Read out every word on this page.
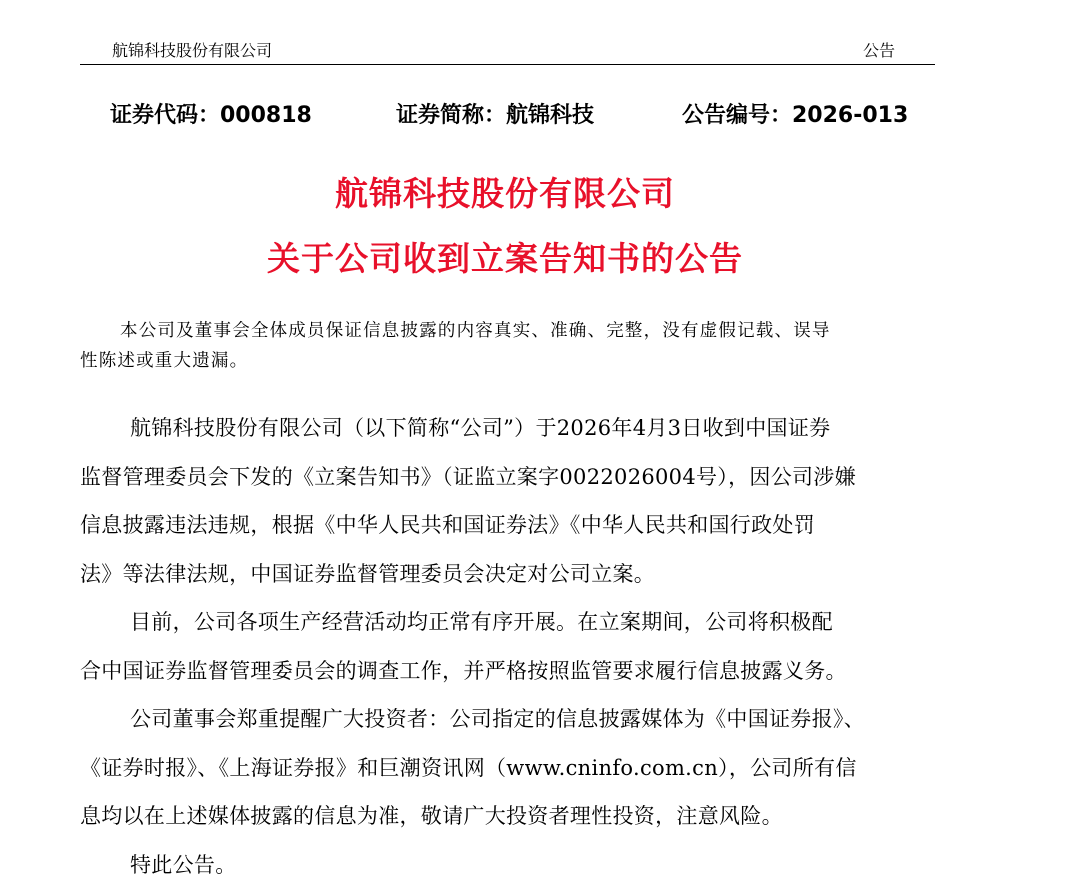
航锦科技股份有限公司	公告
证券代码：000818	证券简称：航锦科技	公告编号：2026-013
航锦科技股份有限公司
关于公司收到立案告知书的公告
本公司及董事会全体成员保证信息披露的内容真实、准确、完整，没有虚假记载、误导
性陈述或重大遗漏。
航锦科技股份有限公司（以下简称“公司”）于2026年4月3日收到中国证券
监督管理委员会下发的《立案告知书》（证监立案字0022026004号），因公司涉嫌
信息披露违法违规，根据《中华人民共和国证券法》《中华人民共和国行政处罚
法》等法律法规，中国证券监督管理委员会决定对公司立案。
目前，公司各项生产经营活动均正常有序开展。在立案期间，公司将积极配
合中国证券监督管理委员会的调查工作，并严格按照监管要求履行信息披露义务。
公司董事会郑重提醒广大投资者：公司指定的信息披露媒体为《中国证券报》、
《证券时报》、《上海证券报》和巨潮资讯网（www.cninfo.com.cn），公司所有信
息均以在上述媒体披露的信息为准，敬请广大投资者理性投资，注意风险。
特此公告。
